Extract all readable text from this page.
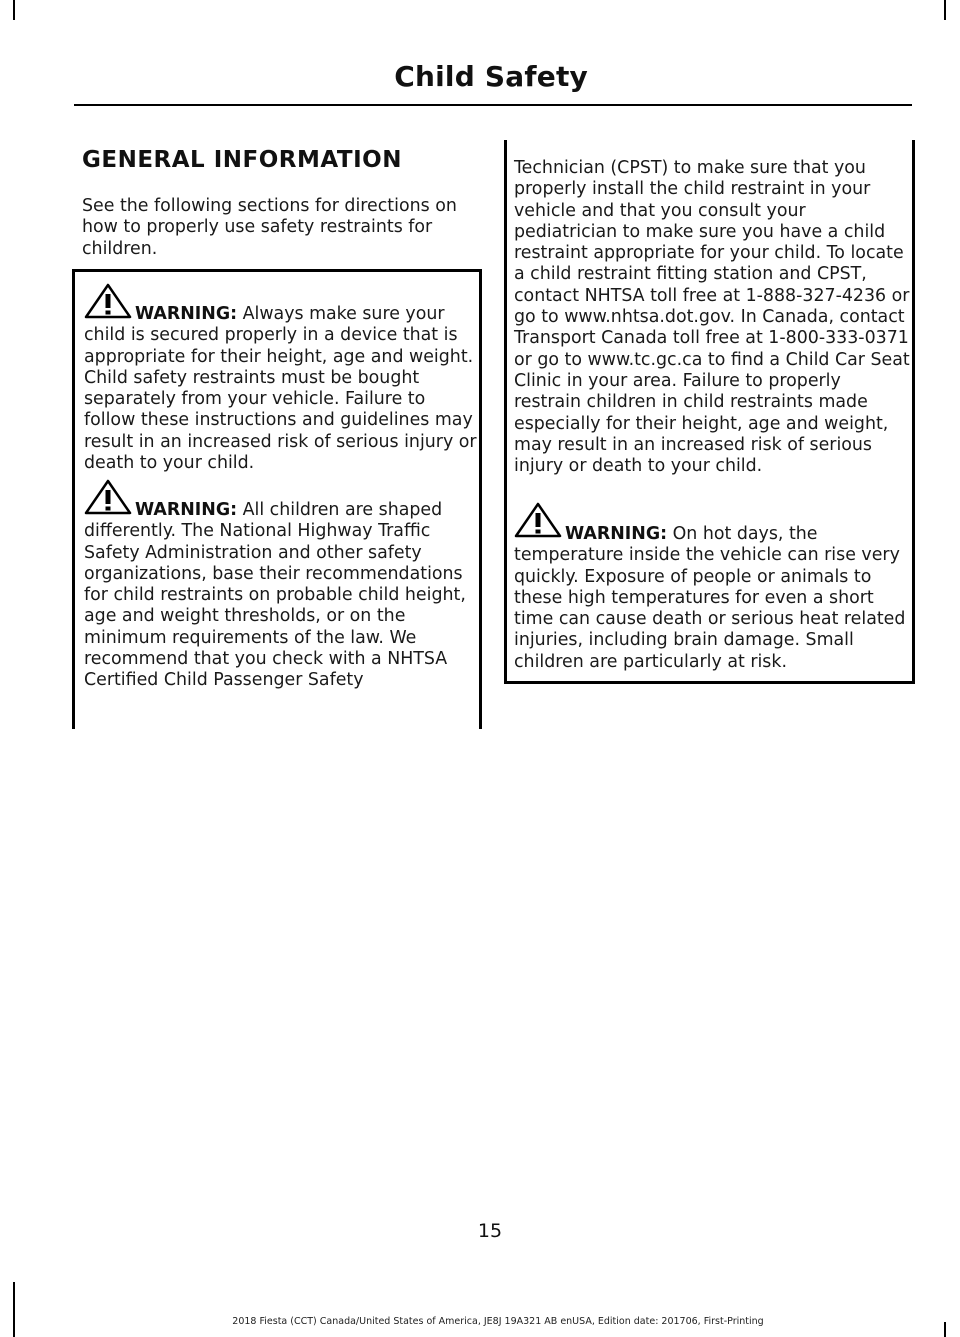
Child Safety
GENERAL INFORMATION
See the following sections for directions on how to properly use safety restraints for children.
WARNING: Always make sure your child is secured properly in a device that is appropriate for their height, age and weight. Child safety restraints must be bought separately from your vehicle. Failure to follow these instructions and guidelines may result in an increased risk of serious injury or death to your child.
WARNING: All children are shaped differently. The National Highway Traffic Safety Administration and other safety organizations, base their recommendations for child restraints on probable child height, age and weight thresholds, or on the minimum requirements of the law. We recommend that you check with a NHTSA Certified Child Passenger Safety
Technician (CPST) to make sure that you properly install the child restraint in your vehicle and that you consult your pediatrician to make sure you have a child restraint appropriate for your child. To locate a child restraint fitting station and CPST, contact NHTSA toll free at 1-888-327-4236 or go to www.nhtsa.dot.gov. In Canada, contact Transport Canada toll free at 1-800-333-0371 or go to www.tc.gc.ca to find a Child Car Seat Clinic in your area. Failure to properly restrain children in child restraints made especially for their height, age and weight, may result in an increased risk of serious injury or death to your child.
WARNING: On hot days, the temperature inside the vehicle can rise very quickly. Exposure of people or animals to these high temperatures for even a short time can cause death or serious heat related injuries, including brain damage. Small children are particularly at risk.
15
2018 Fiesta (CCT) Canada/United States of America, JE8J 19A321 AB enUSA, Edition date: 201706, First-Printing
